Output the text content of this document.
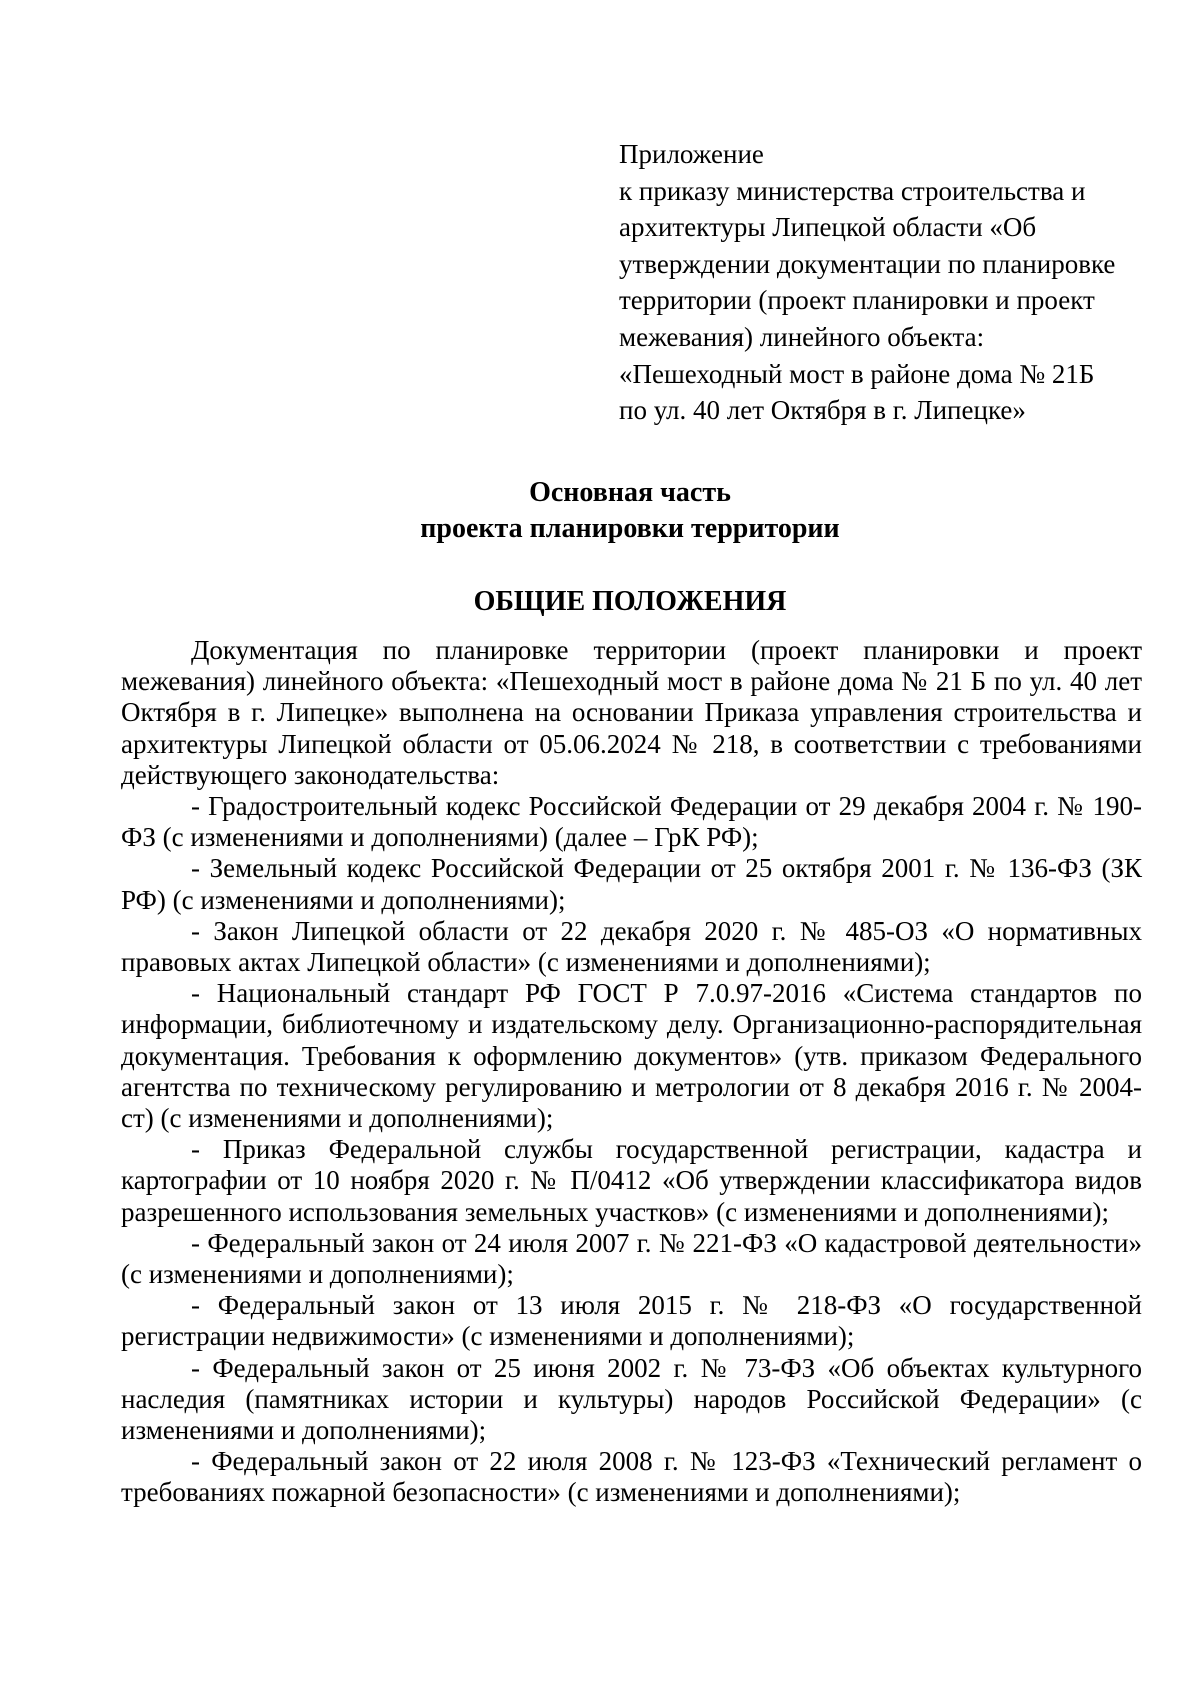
Приложение
к приказу министерства строительства и
архитектуры Липецкой области «Об
утверждении документации по планировке
территории (проект планировки и проект
межевания) линейного объекта:
«Пешеходный мост в районе дома № 21Б
по ул. 40 лет Октября в г. Липецке»
Основная часть
проекта планировки территории
ОБЩИЕ ПОЛОЖЕНИЯ

Документация по планировке территории (проект планировки и проект межевания) линейного объекта: «Пешеходный мост в районе дома № 21 Б по ул. 40 лет Октября в г. Липецке» выполнена на основании Приказа управления строительства и архитектуры Липецкой области от 05.06.2024 № 218, в соответствии с требованиями действующего законодательства:

- Градостроительный кодекс Российской Федерации от 29 декабря 2004 г. № 190-ФЗ (с изменениями и дополнениями) (далее – ГрК РФ);

- Земельный кодекс Российской Федерации от 25 октября 2001 г. № 136-ФЗ (ЗК РФ) (с изменениями и дополнениями);

- Закон Липецкой области от 22 декабря 2020 г. № 485-ОЗ «О нормативных правовых актах Липецкой области» (с изменениями и дополнениями);

- Национальный стандарт РФ ГОСТ Р 7.0.97-2016 «Система стандартов по информации, библиотечному и издательскому делу. Организационно-распорядительная документация. Требования к оформлению документов» (утв. приказом Федерального агентства по техническому регулированию и метрологии от 8 декабря 2016 г. № 2004-ст) (с изменениями и дополнениями);

- Приказ Федеральной службы государственной регистрации, кадастра и картографии от 10 ноября 2020 г. № П/0412 «Об утверждении классификатора видов разрешенного использования земельных участков» (с изменениями и дополнениями);

- Федеральный закон от 24 июля 2007 г. № 221-ФЗ «О кадастровой деятельности» (с изменениями и дополнениями);

- Федеральный закон от 13 июля 2015 г. № 218-ФЗ «О государственной регистрации недвижимости» (с изменениями и дополнениями);

- Федеральный закон от 25 июня 2002 г. № 73-ФЗ «Об объектах культурного наследия (памятниках истории и культуры) народов Российской Федерации» (с изменениями и дополнениями);

- Федеральный закон от 22 июля 2008 г. № 123-ФЗ «Технический регламент о требованиях пожарной безопасности» (с изменениями и дополнениями);
